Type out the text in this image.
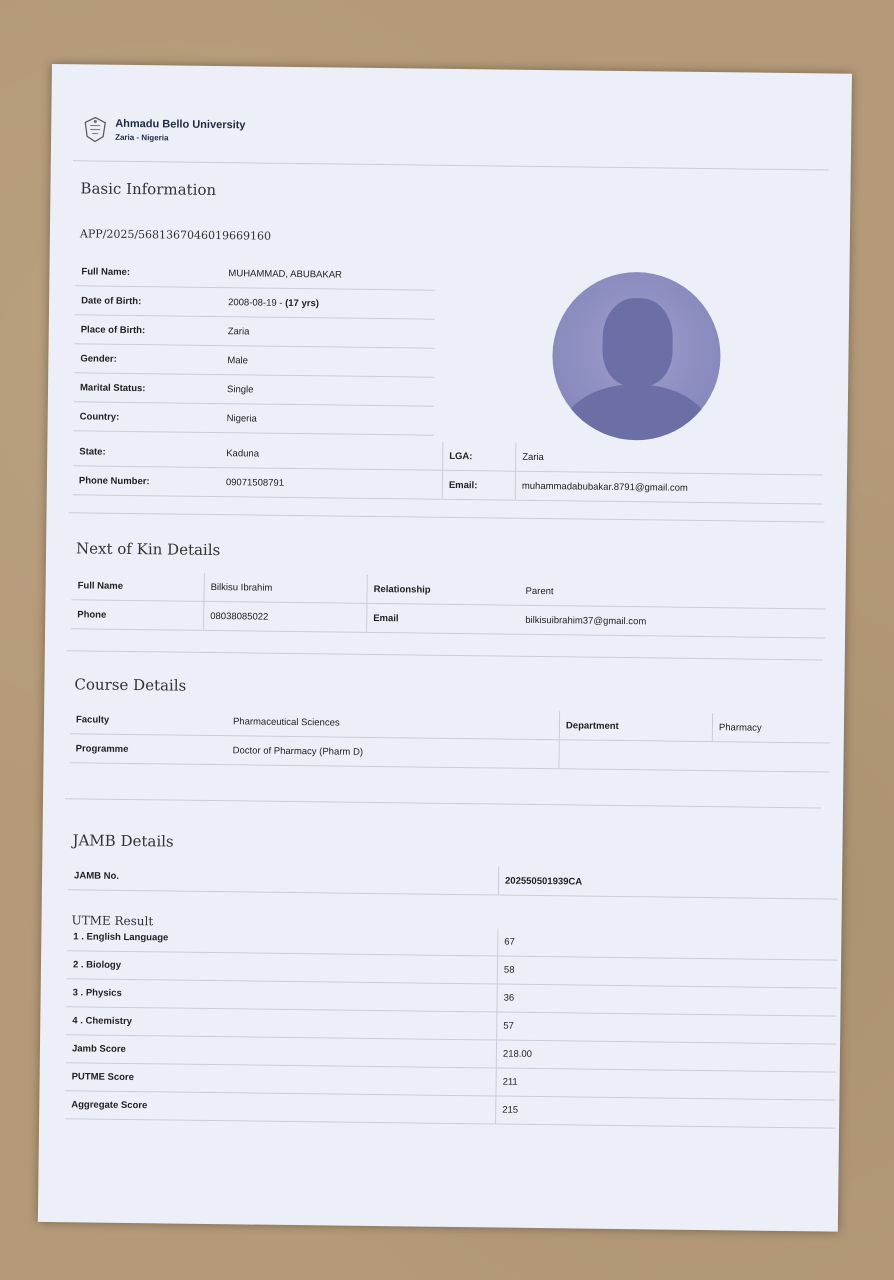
Ahmadu Bello University
Zaria - Nigeria
Basic Information
APP/2025/5681367046019669160
Full Name:	MUHAMMAD, ABUBAKAR
Date of Birth:	2008-08-19 - (17 yrs)
Place of Birth:	Zaria
Gender:	Male
Marital Status:	Single
Country:	Nigeria
State:	Kaduna	LGA:	Zaria
Phone Number:	09071508791	Email:	muhammadabubakar.8791@gmail.com
Next of Kin Details
Full Name	Bilkisu Ibrahim	Relationship	Parent
Phone	08038085022	Email	bilkisuibrahim37@gmail.com
Course Details
Faculty	Pharmaceutical Sciences	Department	Pharmacy
Programme	Doctor of Pharmacy (Pharm D)		
JAMB Details
JAMB No.	202550501939CA
UTME Result
1 . English Language	67
2 . Biology	58
3 . Physics	36
4 . Chemistry	57
Jamb Score	218.00
PUTME Score	211
Aggregate Score	215
